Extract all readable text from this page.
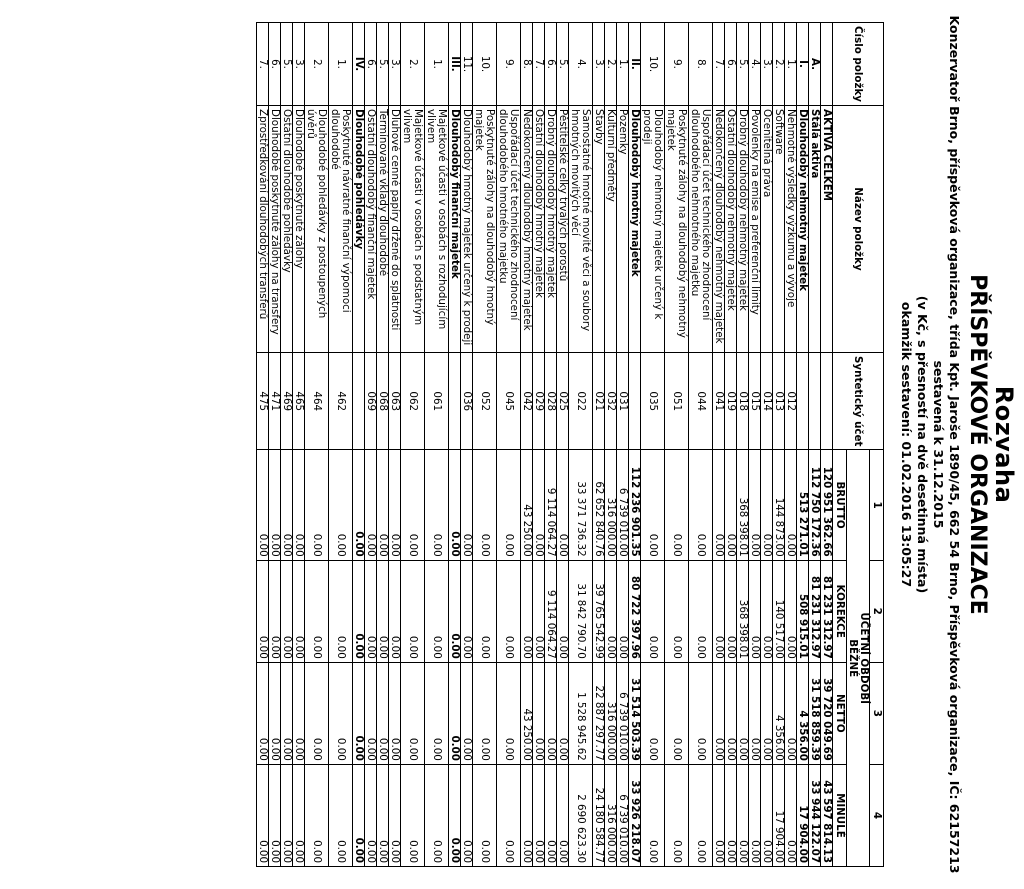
Rozvaha
PŘÍSPĚVKOVÉ ORGANIZACE
Konzervatoř Brno, příspěvková organizace, třída Kpt. Jaroše 1890/45, 662 54 Brno, Příspěvková organizace, IČ: 62157213
sestavená k 31.12.2015
(v Kč, s přesností na dvě desetinná místa)
okamžik sestavení: 01.02.2016 13:05:27
Číslo položky	Název položky	Syntetický účet	1	2	3	4
			ÚČETNÍ OBDOBÍ
BĚŽNÉ			
			BRUTTO	KOREKCE	NETTO	MINULÉ
	AKTIVA CELKEM		120 951 362.66	81 231 312.97	39 720 049.69	43 597 814.13
A.	Stálá aktiva		112 750 172.36	81 231 312.97	31 518 859.39	33 944 122.07
I.	Dlouhodobý nehmotný majetek		513 271.01	508 915.01	4 356.00	17 904.00
1.	Nehmotné výsledky výzkumu a vývoje	012	0.00	0.00	0.00	0.00
2.	Software	013	144 873.00	140 517.00	4 356.00	17 904.00
3.	Ocenitelná práva	014	0.00	0.00	0.00	0.00
4.	Povolenky na emise a preferenční limity	015	0.00	0.00	0.00	0.00
5.	Drobný dlouhodobý nehmotný majetek	018	368 398.01	368 398.01	0.00	0.00
6.	Ostatní dlouhodobý nehmotný majetek	019	0.00	0.00	0.00	0.00
7.	Nedokončený dlouhodobý nehmotný majetek	041	0.00	0.00	0.00	0.00
8.	Uspořádací účet technického zhodnocení dlouhodobého nehmotného majetku	044	0.00	0.00	0.00	0.00
9.	Poskytnuté zálohy na dlouhodobý nehmotný majetek	051	0.00	0.00	0.00	0.00
10.	Dlouhodobý nehmotný majetek určený k prodeji	035	0.00	0.00	0.00	0.00
II.	Dlouhodobý hmotný majetek		112 236 901.35	80 722 397.96	31 514 503.39	33 926 218.07
1.	Pozemky	031	6 739 010.00	0.00	6 739 010.00	6 739 010.00
2.	Kulturní předměty	032	316 000.00	0.00	316 000.00	316 000.00
3.	Stavby	021	62 652 840.76	39 765 542.99	22 887 297.77	24 180 584.77
4.	Samostatné hmotné movité věci a soubory hmotných movitých věcí	022	33 371 736.32	31 842 790.70	1 528 945.62	2 690 623.30
5.	Pěstitelské celky trvalých porostů	025	0.00	0.00	0.00	0.00
6.	Drobný dlouhodobý hmotný majetek	028	9 114 064.27	9 114 064.27	0.00	0.00
7.	Ostatní dlouhodobý hmotný majetek	029	0.00	0.00	0.00	0.00
8.	Nedokončený dlouhodobý hmotný majetek	042	43 250.00	0.00	43 250.00	0.00
9.	Uspořádací účet technického zhodnocení dlouhodobého hmotného majetku	045	0.00	0.00	0.00	0.00
10.	Poskytnuté zálohy na dlouhodobý hmotný majetek	052	0.00	0.00	0.00	0.00
11.	Dlouhodobý hmotný majetek určený k prodeji	036	0.00	0.00	0.00	0.00
III.	Dlouhodobý finanční majetek		0.00	0.00	0.00	0.00
1.	Majetkové účasti v osobách s rozhodujícím vlivem	061	0.00	0.00	0.00	0.00
2.	Majetkové účasti v osobách s podstatným vlivem	062	0.00	0.00	0.00	0.00
3.	Dluhové cenné papíry držené do splatnosti	063	0.00	0.00	0.00	0.00
5.	Termínované vklady dlouhodobé	068	0.00	0.00	0.00	0.00
6.	Ostatní dlouhodobý finanční majetek	069	0.00	0.00	0.00	0.00
IV.	Dlouhodobé pohledávky		0.00	0.00	0.00	0.00
1.	Poskytnuté návratné finanční výpomoci dlouhodobé	462	0.00	0.00	0.00	0.00
2.	Dlouhodobé pohledávky z postoupených úvěrů	464	0.00	0.00	0.00	0.00
3.	Dlouhodobé poskytnuté zálohy	465	0.00	0.00	0.00	0.00
5.	Ostatní dlouhodobé pohledávky	469	0.00	0.00	0.00	0.00
6.	Dlouhodobé poskytnuté zálohy na transfery	471	0.00	0.00	0.00	0.00
7.	Zprostředkování dlouhodobých transferů	475	0.00	0.00	0.00	0.00
